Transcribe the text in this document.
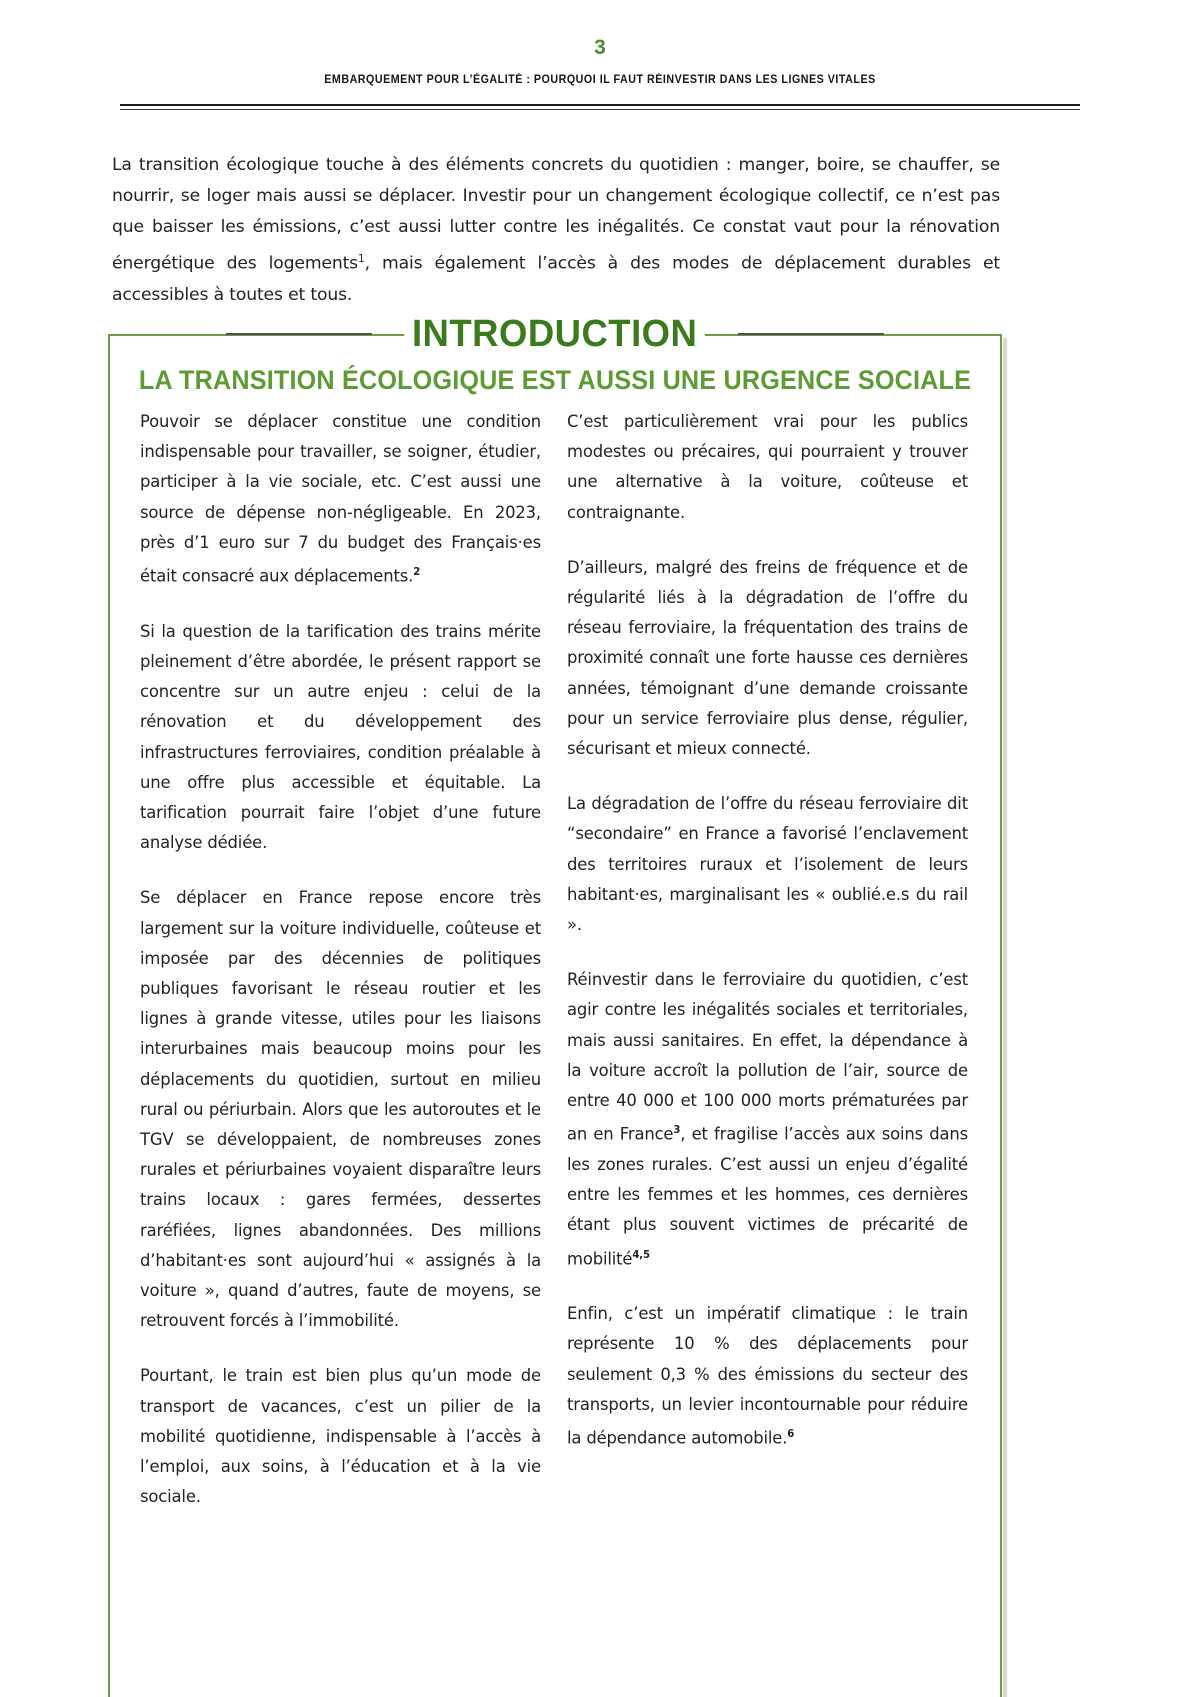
3
EMBARQUEMENT POUR L’ÉGALITÉ : POURQUOI IL FAUT RÉINVESTIR DANS LES LIGNES VITALES
La transition écologique touche à des éléments concrets du quotidien : manger, boire, se chauffer, se nourrir, se loger mais aussi se déplacer. Investir pour un changement écologique collectif, ce n’est pas que baisser les émissions, c’est aussi lutter contre les inégalités. Ce constat vaut pour la rénovation énergétique des logements$^1$, mais également l’accès à des modes de déplacement durables et accessibles à toutes et tous.
INTRODUCTION
LA TRANSITION ÉCOLOGIQUE EST AUSSI UNE URGENCE SOCIALE

Pouvoir se déplacer constitue une condition indispensable pour travailler, se soigner, étudier, participer à la vie sociale, etc. C’est aussi une source de dépense non-négligeable. En 2023, près d’1 euro sur 7 du budget des Français·es était consacré aux déplacements.$^2$

Si la question de la tarification des trains mérite pleinement d’être abordée, le présent rapport se concentre sur un autre enjeu : celui de la rénovation et du développement des infrastructures ferroviaires, condition préalable à une offre plus accessible et équitable. La tarification pourrait faire l’objet d’une future analyse dédiée.

Se déplacer en France repose encore très largement sur la voiture individuelle, coûteuse et imposée par des décennies de politiques publiques favorisant le réseau routier et les lignes à grande vitesse, utiles pour les liaisons interurbaines mais beaucoup moins pour les déplacements du quotidien, surtout en milieu rural ou périurbain. Alors que les autoroutes et le TGV se développaient, de nombreuses zones rurales et périurbaines voyaient disparaître leurs trains locaux : gares fermées, dessertes raréfiées, lignes abandonnées. Des millions d’habitant·es sont aujourd’hui « assignés à la voiture », quand d’autres, faute de moyens, se retrouvent forcés à l’immobilité.

Pourtant, le train est bien plus qu’un mode de transport de vacances, c’est un pilier de la mobilité quotidienne, indispensable à l’accès à l’emploi, aux soins, à l’éducation et à la vie sociale.

C’est particulièrement vrai pour les publics modestes ou précaires, qui pourraient y trouver une alternative à la voiture, coûteuse et contraignante.

D’ailleurs, malgré des freins de fréquence et de régularité liés à la dégradation de l’offre du réseau ferroviaire, la fréquentation des trains de proximité connaît une forte hausse ces dernières années, témoignant d’une demande croissante pour un service ferroviaire plus dense, régulier, sécurisant et mieux connecté.

La dégradation de l’offre du réseau ferroviaire dit “secondaire” en France a favorisé l’enclavement des territoires ruraux et l’isolement de leurs habitant·es, marginalisant les « oublié.e.s du rail ».

Réinvestir dans le ferroviaire du quotidien, c’est agir contre les inégalités sociales et territoriales, mais aussi sanitaires. En effet, la dépendance à la voiture accroît la pollution de l’air, source de entre 40 000 et 100 000 morts prématurées par an en France$^3$, et fragilise l’accès aux soins dans les zones rurales. C’est aussi un enjeu d’égalité entre les femmes et les hommes, ces dernières étant plus souvent victimes de précarité de mobilité$^{4,5}$

Enfin, c’est un impératif climatique : le train représente 10 % des déplacements pour seulement 0,3 % des émissions du secteur des transports, un levier incontournable pour réduire la dépendance automobile.$^6$
